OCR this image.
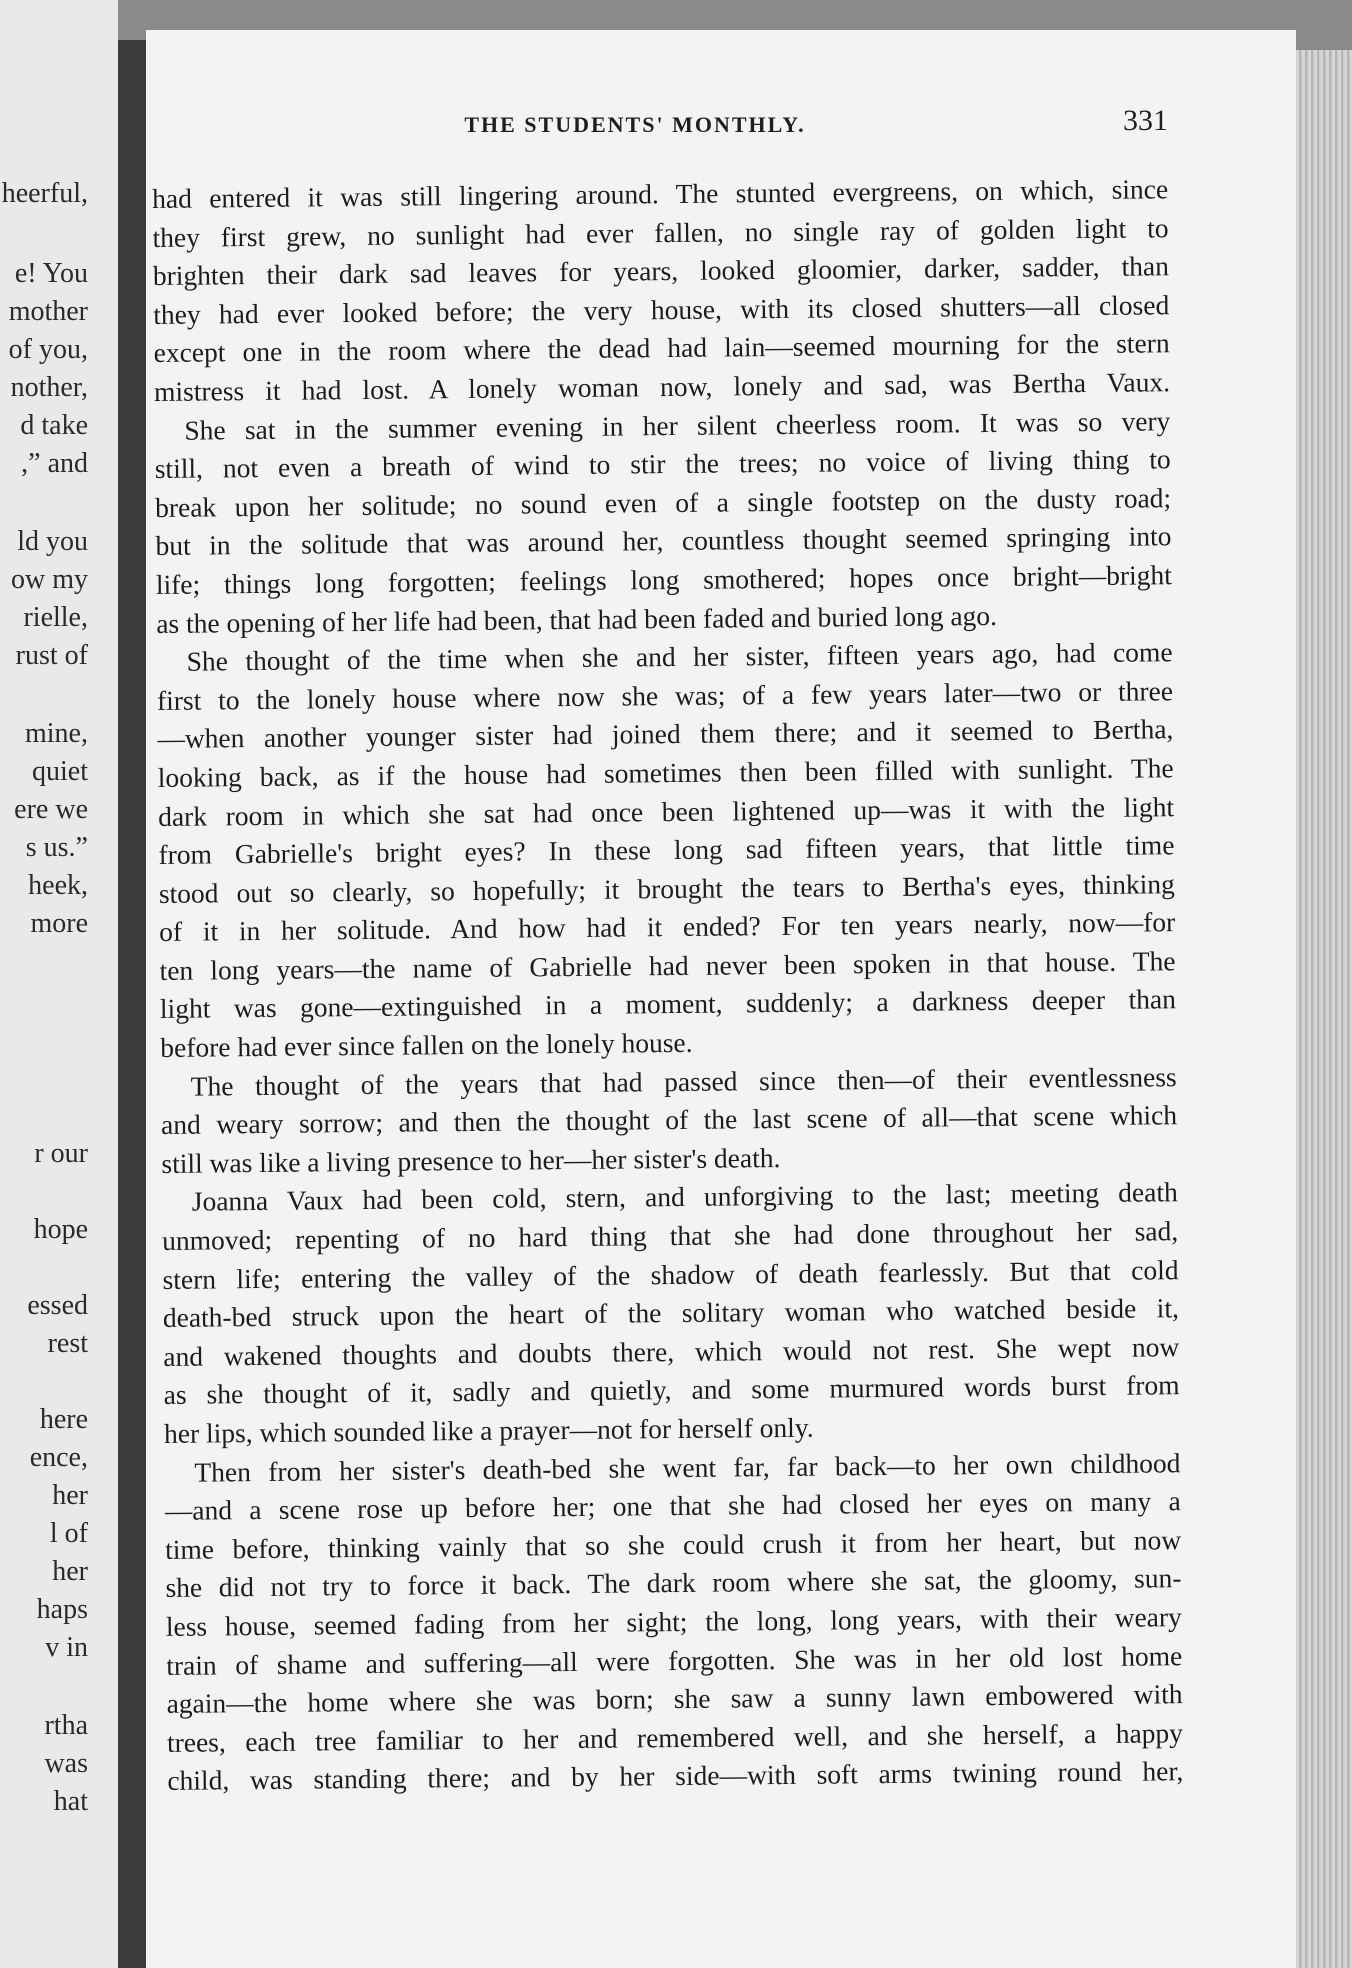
heerful,
e! You
mother
of you,
nother,
d take
,” and
ld you
ow my
rielle,
rust of
mine,
quiet
ere we
s us.”
heek,
more
r our
hope
essed
rest
here
ence,
her
l of
her
haps
v in
rtha
was
hat
THE STUDENTS' MONTHLY.	331
had entered it was still lingering around. The stunted evergreens, on which, since
they first grew, no sunlight had ever fallen, no single ray of golden light to
brighten their dark sad leaves for years, looked gloomier, darker, sadder, than
they had ever looked before; the very house, with its closed shutters—all closed
except one in the room where the dead had lain—seemed mourning for the stern
mistress it had lost. A lonely woman now, lonely and sad, was Bertha Vaux.
She sat in the summer evening in her silent cheerless room. It was so very
still, not even a breath of wind to stir the trees; no voice of living thing to
break upon her solitude; no sound even of a single footstep on the dusty road;
but in the solitude that was around her, countless thought seemed springing into
life; things long forgotten; feelings long smothered; hopes once bright—bright
as the opening of her life had been, that had been faded and buried long ago.
She thought of the time when she and her sister, fifteen years ago, had come
first to the lonely house where now she was; of a few years later—two or three
—when another younger sister had joined them there; and it seemed to Bertha,
looking back, as if the house had sometimes then been filled with sunlight. The
dark room in which she sat had once been lightened up—was it with the light
from Gabrielle's bright eyes? In these long sad fifteen years, that little time
stood out so clearly, so hopefully; it brought the tears to Bertha's eyes, thinking
of it in her solitude. And how had it ended? For ten years nearly, now—for
ten long years—the name of Gabrielle had never been spoken in that house. The
light was gone—extinguished in a moment, suddenly; a darkness deeper than
before had ever since fallen on the lonely house.
The thought of the years that had passed since then—of their eventlessness
and weary sorrow; and then the thought of the last scene of all—that scene which
still was like a living presence to her—her sister's death.
Joanna Vaux had been cold, stern, and unforgiving to the last; meeting death
unmoved; repenting of no hard thing that she had done throughout her sad,
stern life; entering the valley of the shadow of death fearlessly. But that cold
death-bed struck upon the heart of the solitary woman who watched beside it,
and wakened thoughts and doubts there, which would not rest. She wept now
as she thought of it, sadly and quietly, and some murmured words burst from
her lips, which sounded like a prayer—not for herself only.
Then from her sister's death-bed she went far, far back—to her own childhood
—and a scene rose up before her; one that she had closed her eyes on many a
time before, thinking vainly that so she could crush it from her heart, but now
she did not try to force it back. The dark room where she sat, the gloomy, sun-
less house, seemed fading from her sight; the long, long years, with their weary
train of shame and suffering—all were forgotten. She was in her old lost home
again—the home where she was born; she saw a sunny lawn embowered with
trees, each tree familiar to her and remembered well, and she herself, a happy
child, was standing there; and by her side—with soft arms twining round her,
